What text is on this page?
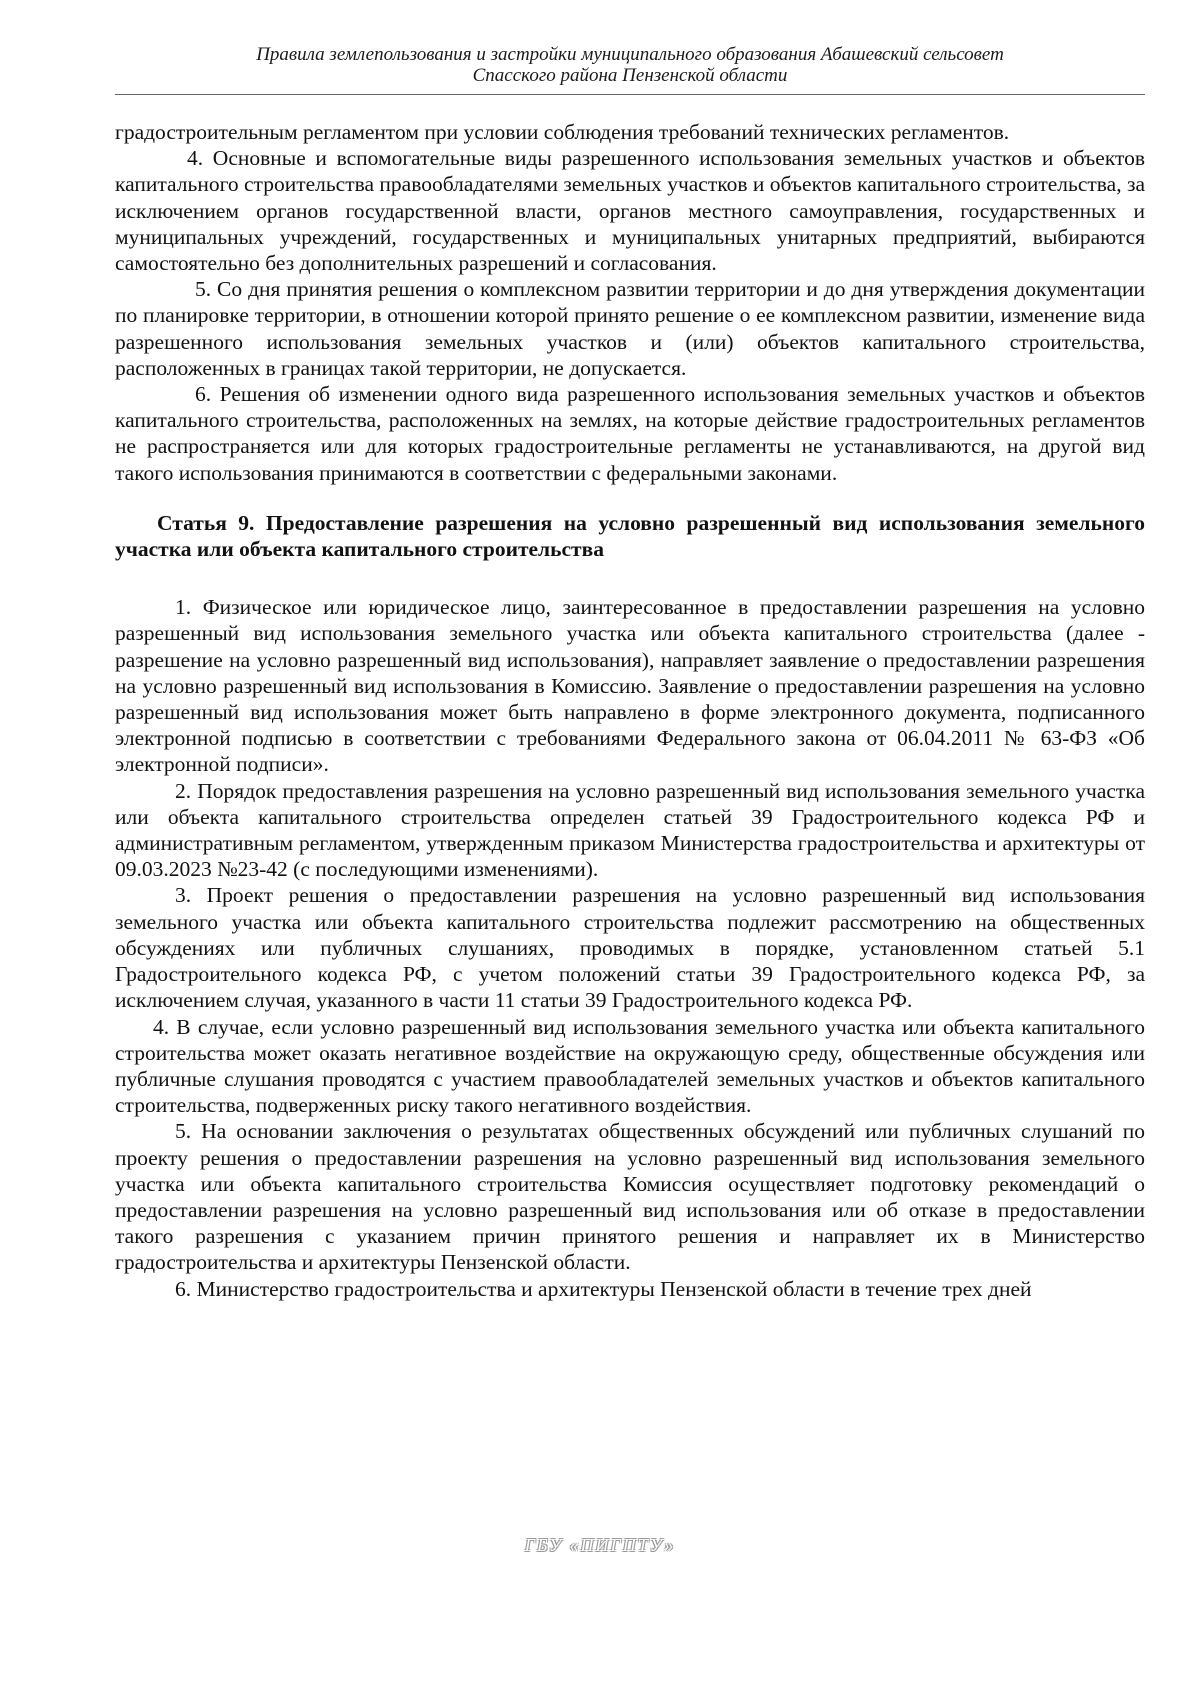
Правила землепользования и застройки муниципального образования Абашевский сельсовет
Спасского района Пензенской области

градостроительным регламентом при условии соблюдения требований технических регламентов.

4. Основные и вспомогательные виды разрешенного использования земельных участков и объектов капитального строительства правообладателями земельных участков и объектов капитального строительства, за исключением органов государственной власти, органов местного самоуправления, государственных и муниципальных учреждений, государственных и муниципальных унитарных предприятий, выбираются самостоятельно без дополнительных разрешений и согласования.

5. Со дня принятия решения о комплексном развитии территории и до дня утверждения документации по планировке территории, в отношении которой принято решение о ее комплексном развитии, изменение вида разрешенного использования земельных участков и (или) объектов капитального строительства, расположенных в границах такой территории, не допускается.

6. Решения об изменении одного вида разрешенного использования земельных участков и объектов капитального строительства, расположенных на землях, на которые действие градостроительных регламентов не распространяется или для которых градостроительные регламенты не устанавливаются, на другой вид такого использования принимаются в соответствии с федеральными законами.

Статья 9. Предоставление разрешения на условно разрешенный вид использования земельного участка или объекта капитального строительства

1. Физическое или юридическое лицо, заинтересованное в предоставлении разрешения на условно разрешенный вид использования земельного участка или объекта капитального строительства (далее - разрешение на условно разрешенный вид использования), направляет заявление о предоставлении разрешения на условно разрешенный вид использования в Комиссию. Заявление о предоставлении разрешения на условно разрешенный вид использования может быть направлено в форме электронного документа, подписанного электронной подписью в соответствии с требованиями Федерального закона от 06.04.2011 № 63-ФЗ «Об электронной подписи».

2. Порядок предоставления разрешения на условно разрешенный вид использования земельного участка или объекта капитального строительства определен статьей 39 Градостроительного кодекса РФ и административным регламентом, утвержденным приказом Министерства градостроительства и архитектуры от 09.03.2023 №23-42 (с последующими изменениями).

3. Проект решения о предоставлении разрешения на условно разрешенный вид использования земельного участка или объекта капитального строительства подлежит рассмотрению на общественных обсуждениях или публичных слушаниях, проводимых в порядке, установленном статьей 5.1 Градостроительного кодекса РФ, с учетом положений статьи 39 Градостроительного кодекса РФ, за исключением случая, указанного в части 11 статьи 39 Градостроительного кодекса РФ.

4. В случае, если условно разрешенный вид использования земельного участка или объекта капитального строительства может оказать негативное воздействие на окружающую среду, общественные обсуждения или публичные слушания проводятся с участием правообладателей земельных участков и объектов капитального строительства, подверженных риску такого негативного воздействия.

5. На основании заключения о результатах общественных обсуждений или публичных слушаний по проекту решения о предоставлении разрешения на условно разрешенный вид использования земельного участка или объекта капитального строительства Комиссия осуществляет подготовку рекомендаций о предоставлении разрешения на условно разрешенный вид использования или об отказе в предоставлении такого разрешения с указанием причин принятого решения и направляет их в Министерство градостроительства и архитектуры Пензенской области.

6. Министерство градостроительства и архитектуры Пензенской области в течение трех дней

ГБУ «ПИГПТУ»
